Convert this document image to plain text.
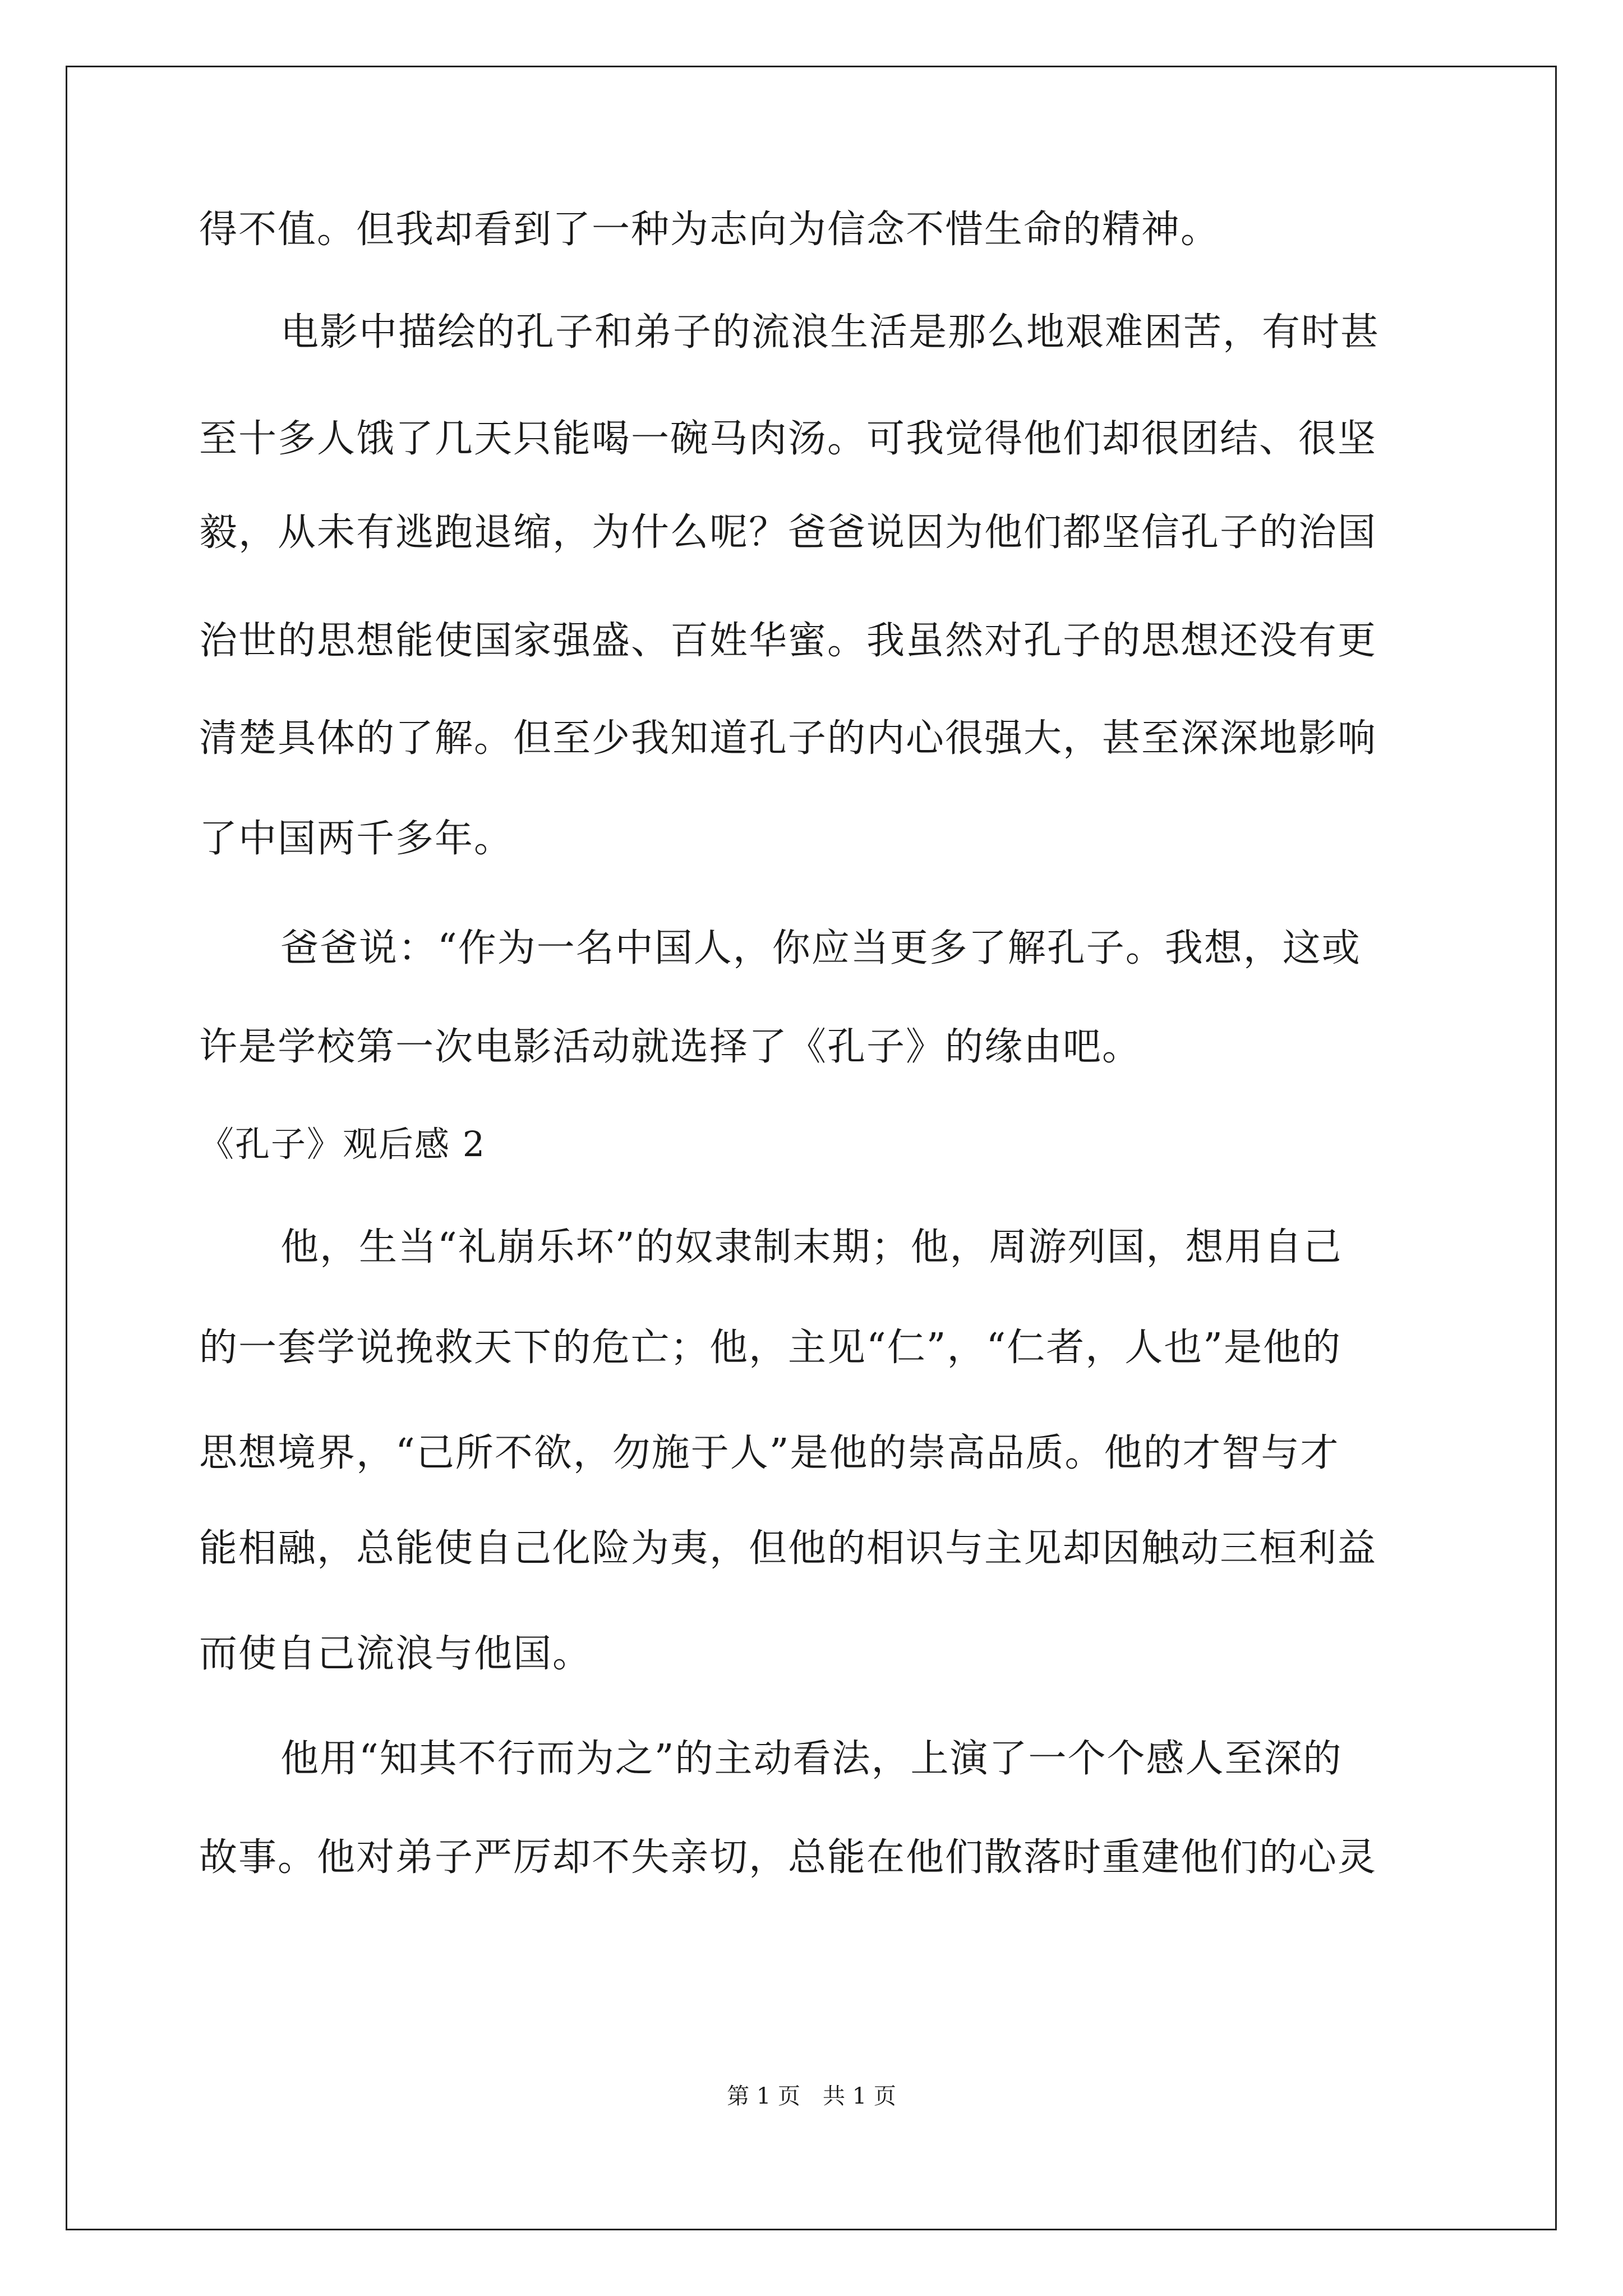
得不值。但我却看到了一种为志向为信念不惜生命的精神。
电影中描绘的孔子和弟子的流浪生活是那么地艰难困苦，有时甚
至十多人饿了几天只能喝一碗马肉汤。可我觉得他们却很团结、很坚
毅，从未有逃跑退缩，为什么呢？爸爸说因为他们都坚信孔子的治国
治世的思想能使国家强盛、百姓华蜜。我虽然对孔子的思想还没有更
清楚具体的了解。但至少我知道孔子的内心很强大，甚至深深地影响
了中国两千多年。
爸爸说：“作为一名中国人，你应当更多了解孔子。我想，这或
许是学校第一次电影活动就选择了《孔子》的缘由吧。
《孔子》观后感 2
他，生当“礼崩乐坏”的奴隶制末期；他，周游列国，想用自己
的一套学说挽救天下的危亡；他，主见“仁”，“仁者，人也”是他的
思想境界，“己所不欲，勿施于人”是他的崇高品质。他的才智与才
能相融，总能使自己化险为夷，但他的相识与主见却因触动三桓利益
而使自己流浪与他国。
他用“知其不行而为之”的主动看法，上演了一个个感人至深的
故事。他对弟子严厉却不失亲切，总能在他们散落时重建他们的心灵
第 1 页　共 1 页
